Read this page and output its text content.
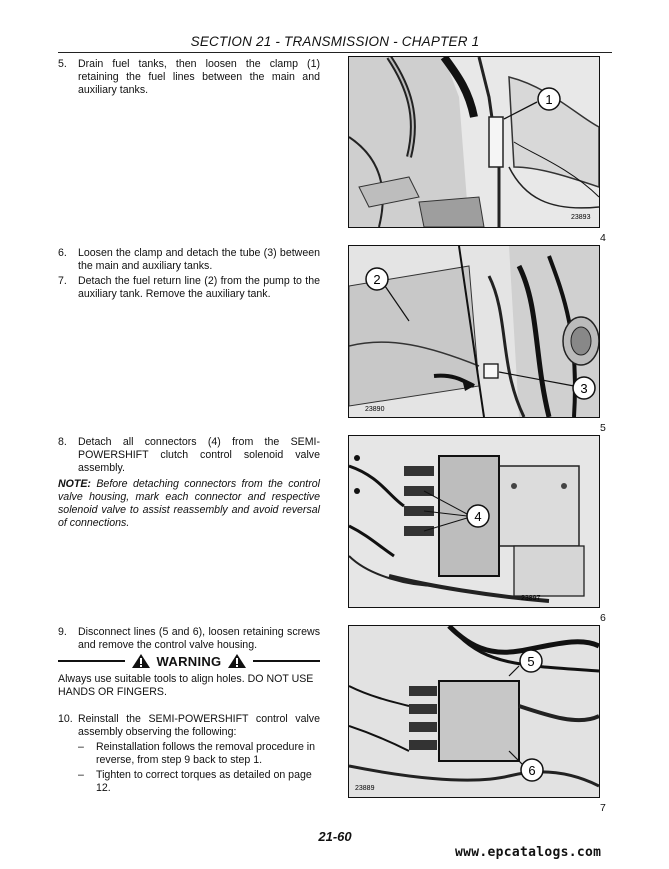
SECTION 21 - TRANSMISSION - CHAPTER 1
5.	Drain fuel tanks, then loosen the clamp (1) retaining the fuel lines between the main and auxiliary tanks.
6.	Loosen the clamp and detach the tube (3) between the main and auxiliary tanks.
7.	Detach the fuel return line (2) from the pump to the auxiliary tank. Remove the auxiliary tank.
8.	Detach all connectors (4) from the SEMI-POWERSHIFT clutch control solenoid valve assembly.
NOTE: Before detaching connectors from the control valve housing, mark each connector and respective solenoid valve to assist reassembly and avoid reversal of connections.
9.	Disconnect lines (5 and 6), loosen retaining screws and remove the control valve housing.
WARNING
Always use suitable tools to align holes. DO NOT USE HANDS OR FINGERS.
10. Reinstall the SEMI-POWERSHIFT control valve assembly observing the following:
–	Reinstallation follows the removal procedure in reverse, from step 9 back to step 1.
–	Tighten to correct torques as detailed on page 12.
1
23893
4
2
3
23890
5
4
23897
6
5
6
23889
7
21-60
www.epcatalogs.com
